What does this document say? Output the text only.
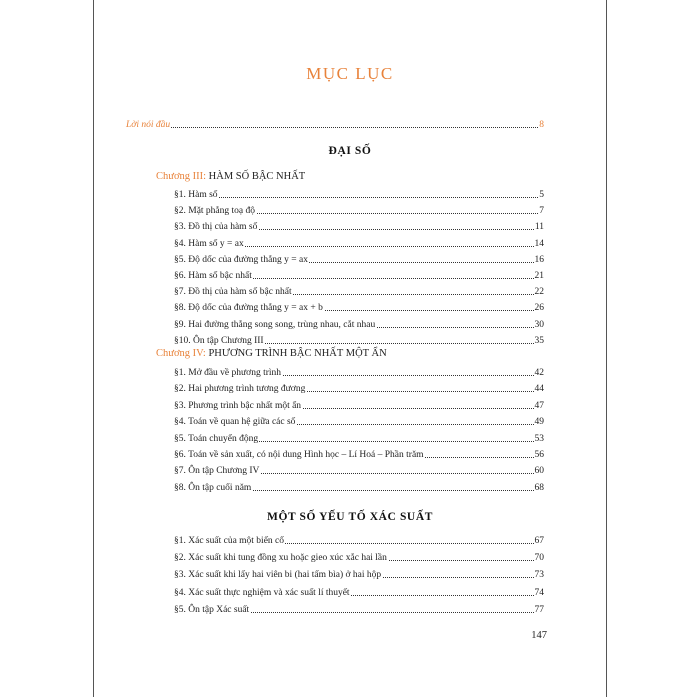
MỤC LỤC
Lời nói đầu	8
ĐẠI SỐ
Chương III: HÀM SỐ BẬC NHẤT
§1. Hàm số	5
§2. Mặt phẳng toạ độ	7
§3. Đồ thị của hàm số	11
§4. Hàm số y = ax	14
§5. Độ dốc của đường thẳng y = ax	16
§6. Hàm số bậc nhất	21
§7. Đồ thị của hàm số bậc nhất	22
§8. Độ dốc của đường thẳng y = ax + b	26
§9. Hai đường thẳng song song, trùng nhau, cắt nhau	30
§10. Ôn tập Chương III	35
Chương IV: PHƯƠNG TRÌNH BẬC NHẤT MỘT ẨN
§1. Mở đầu về phương trình	42
§2. Hai phương trình tương đương	44
§3. Phương trình bậc nhất một ẩn	47
§4. Toán về quan hệ giữa các số	49
§5. Toán chuyển động	53
§6. Toán về sản xuất, có nội dung Hình học – Lí Hoá – Phần trăm	56
§7. Ôn tập Chương IV	60
§8. Ôn tập cuối năm	68
MỘT SỐ YẾU TỐ XÁC SUẤT
§1. Xác suất của một biến cố	67
§2. Xác suất khi tung đồng xu hoặc gieo xúc xắc hai lần	70
§3. Xác suất khi lấy hai viên bi (hai tấm bìa) ở hai hộp	73
§4. Xác suất thực nghiệm và xác suất lí thuyết	74
§5. Ôn tập Xác suất	77
147
